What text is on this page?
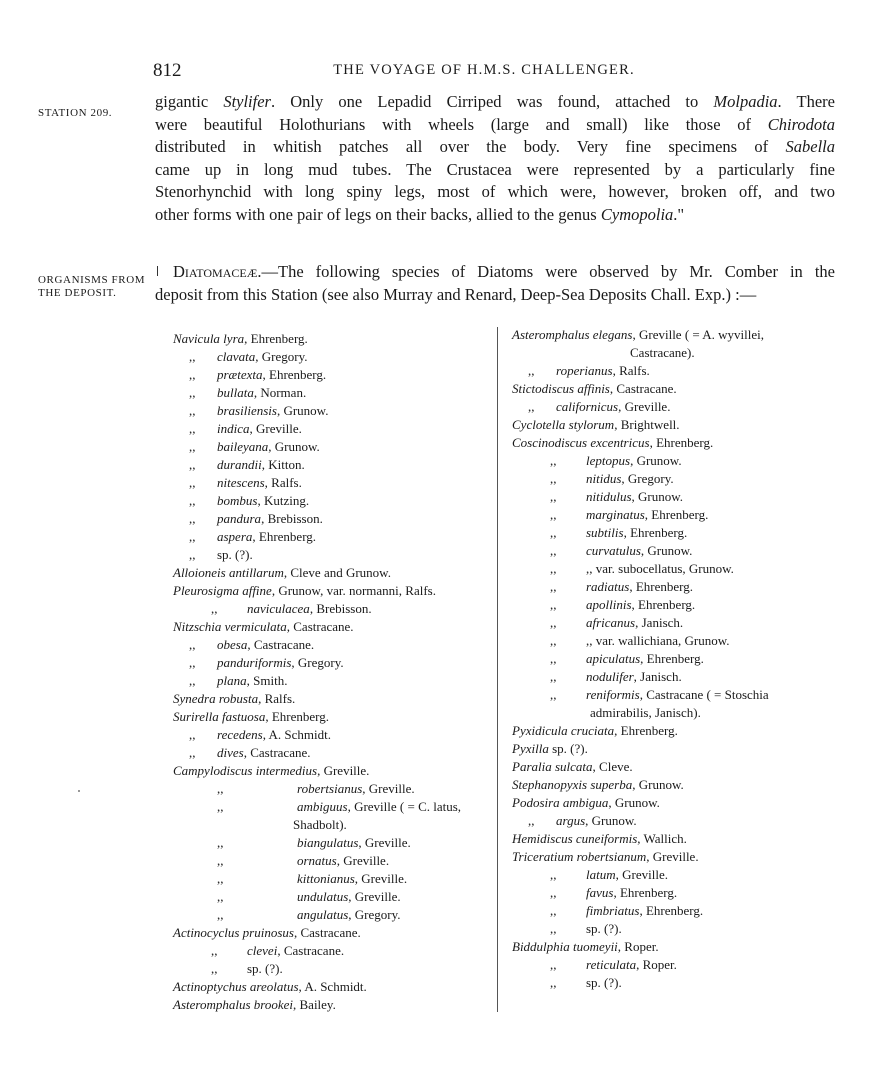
812	THE VOYAGE OF H.M.S. CHALLENGER.
STATION 209.
ORGANISMS FROM
THE DEPOSIT.
gigantic Stylifer. Only one Lepadid Cirriped was found, attached to Molpadia. There
were beautiful Holothurians with wheels (large and small) like those of Chirodota
distributed in whitish patches all over the body. Very fine specimens of Sabella
came up in long mud tubes. The Crustacea were represented by a particularly fine
Stenorhynchid with long spiny legs, most of which were, however, broken off, and two
other forms with one pair of legs on their backs, allied to the genus Cymopolia."
Diatomaceæ.—The following species of Diatoms were observed by Mr. Comber in the
deposit from this Station (see also Murray and Renard, Deep-Sea Deposits Chall. Exp.) :—
Navicula lyra, Ehrenberg.
,, clavata, Gregory.
,, prætexta, Ehrenberg.
,, bullata, Norman.
,, brasiliensis, Grunow.
,, indica, Greville.
,, baileyana, Grunow.
,, durandii, Kitton.
,, nitescens, Ralfs.
,, bombus, Kutzing.
,, pandura, Brebisson.
,, aspera, Ehrenberg.
,, sp. (?).
Alloioneis antillarum, Cleve and Grunow.
Pleurosigma affine, Grunow, var. normanni, Ralfs.
,, naviculacea, Brebisson.
Nitzschia vermiculata, Castracane.
,, obesa, Castracane.
,, panduriformis, Gregory.
,, plana, Smith.
Synedra robusta, Ralfs.
Surirella fastuosa, Ehrenberg.
,, recedens, A. Schmidt.
,, dives, Castracane.
Campylodiscus intermedius, Greville.
,,	robertsianus, Greville.
,,	ambiguus, Greville ( = C. latus,
Shadbolt).
,,	biangulatus, Greville.
,,	ornatus, Greville.
,,	kittonianus, Greville.
,,	undulatus, Greville.
,,	angulatus, Gregory.
Actinocyclus pruinosus, Castracane.
,, clevei, Castracane.
,, sp. (?).
Actinoptychus areolatus, A. Schmidt.
Asteromphalus brookei, Bailey.
Asteromphalus elegans, Greville ( = A. wyvillei,
Castracane).
,, roperianus, Ralfs.
Stictodiscus affinis, Castracane.
,, californicus, Greville.
Cyclotella stylorum, Brightwell.
Coscinodiscus excentricus, Ehrenberg.
,, leptopus, Grunow.
,, nitidus, Gregory.
,, nitidulus, Grunow.
,, marginatus, Ehrenberg.
,, subtilis, Ehrenberg.
,, curvatulus, Grunow.
,, ,, var. subocellatus, Grunow.
,, radiatus, Ehrenberg.
,, apollinis, Ehrenberg.
,, africanus, Janisch.
,, ,, var. wallichiana, Grunow.
,, apiculatus, Ehrenberg.
,, nodulifer, Janisch.
,, reniformis, Castracane ( = Stoschia
admirabilis, Janisch).
Pyxidicula cruciata, Ehrenberg.
Pyxilla sp. (?).
Paralia sulcata, Cleve.
Stephanopyxis superba, Grunow.
Podosira ambigua, Grunow.
,, argus, Grunow.
Hemidiscus cuneiformis, Wallich.
Triceratium robertsianum, Greville.
,, latum, Greville.
,, favus, Ehrenberg.
,, fimbriatus, Ehrenberg.
,, sp. (?).
Biddulphia tuomeyii, Roper.
,, reticulata, Roper.
,, sp. (?).
